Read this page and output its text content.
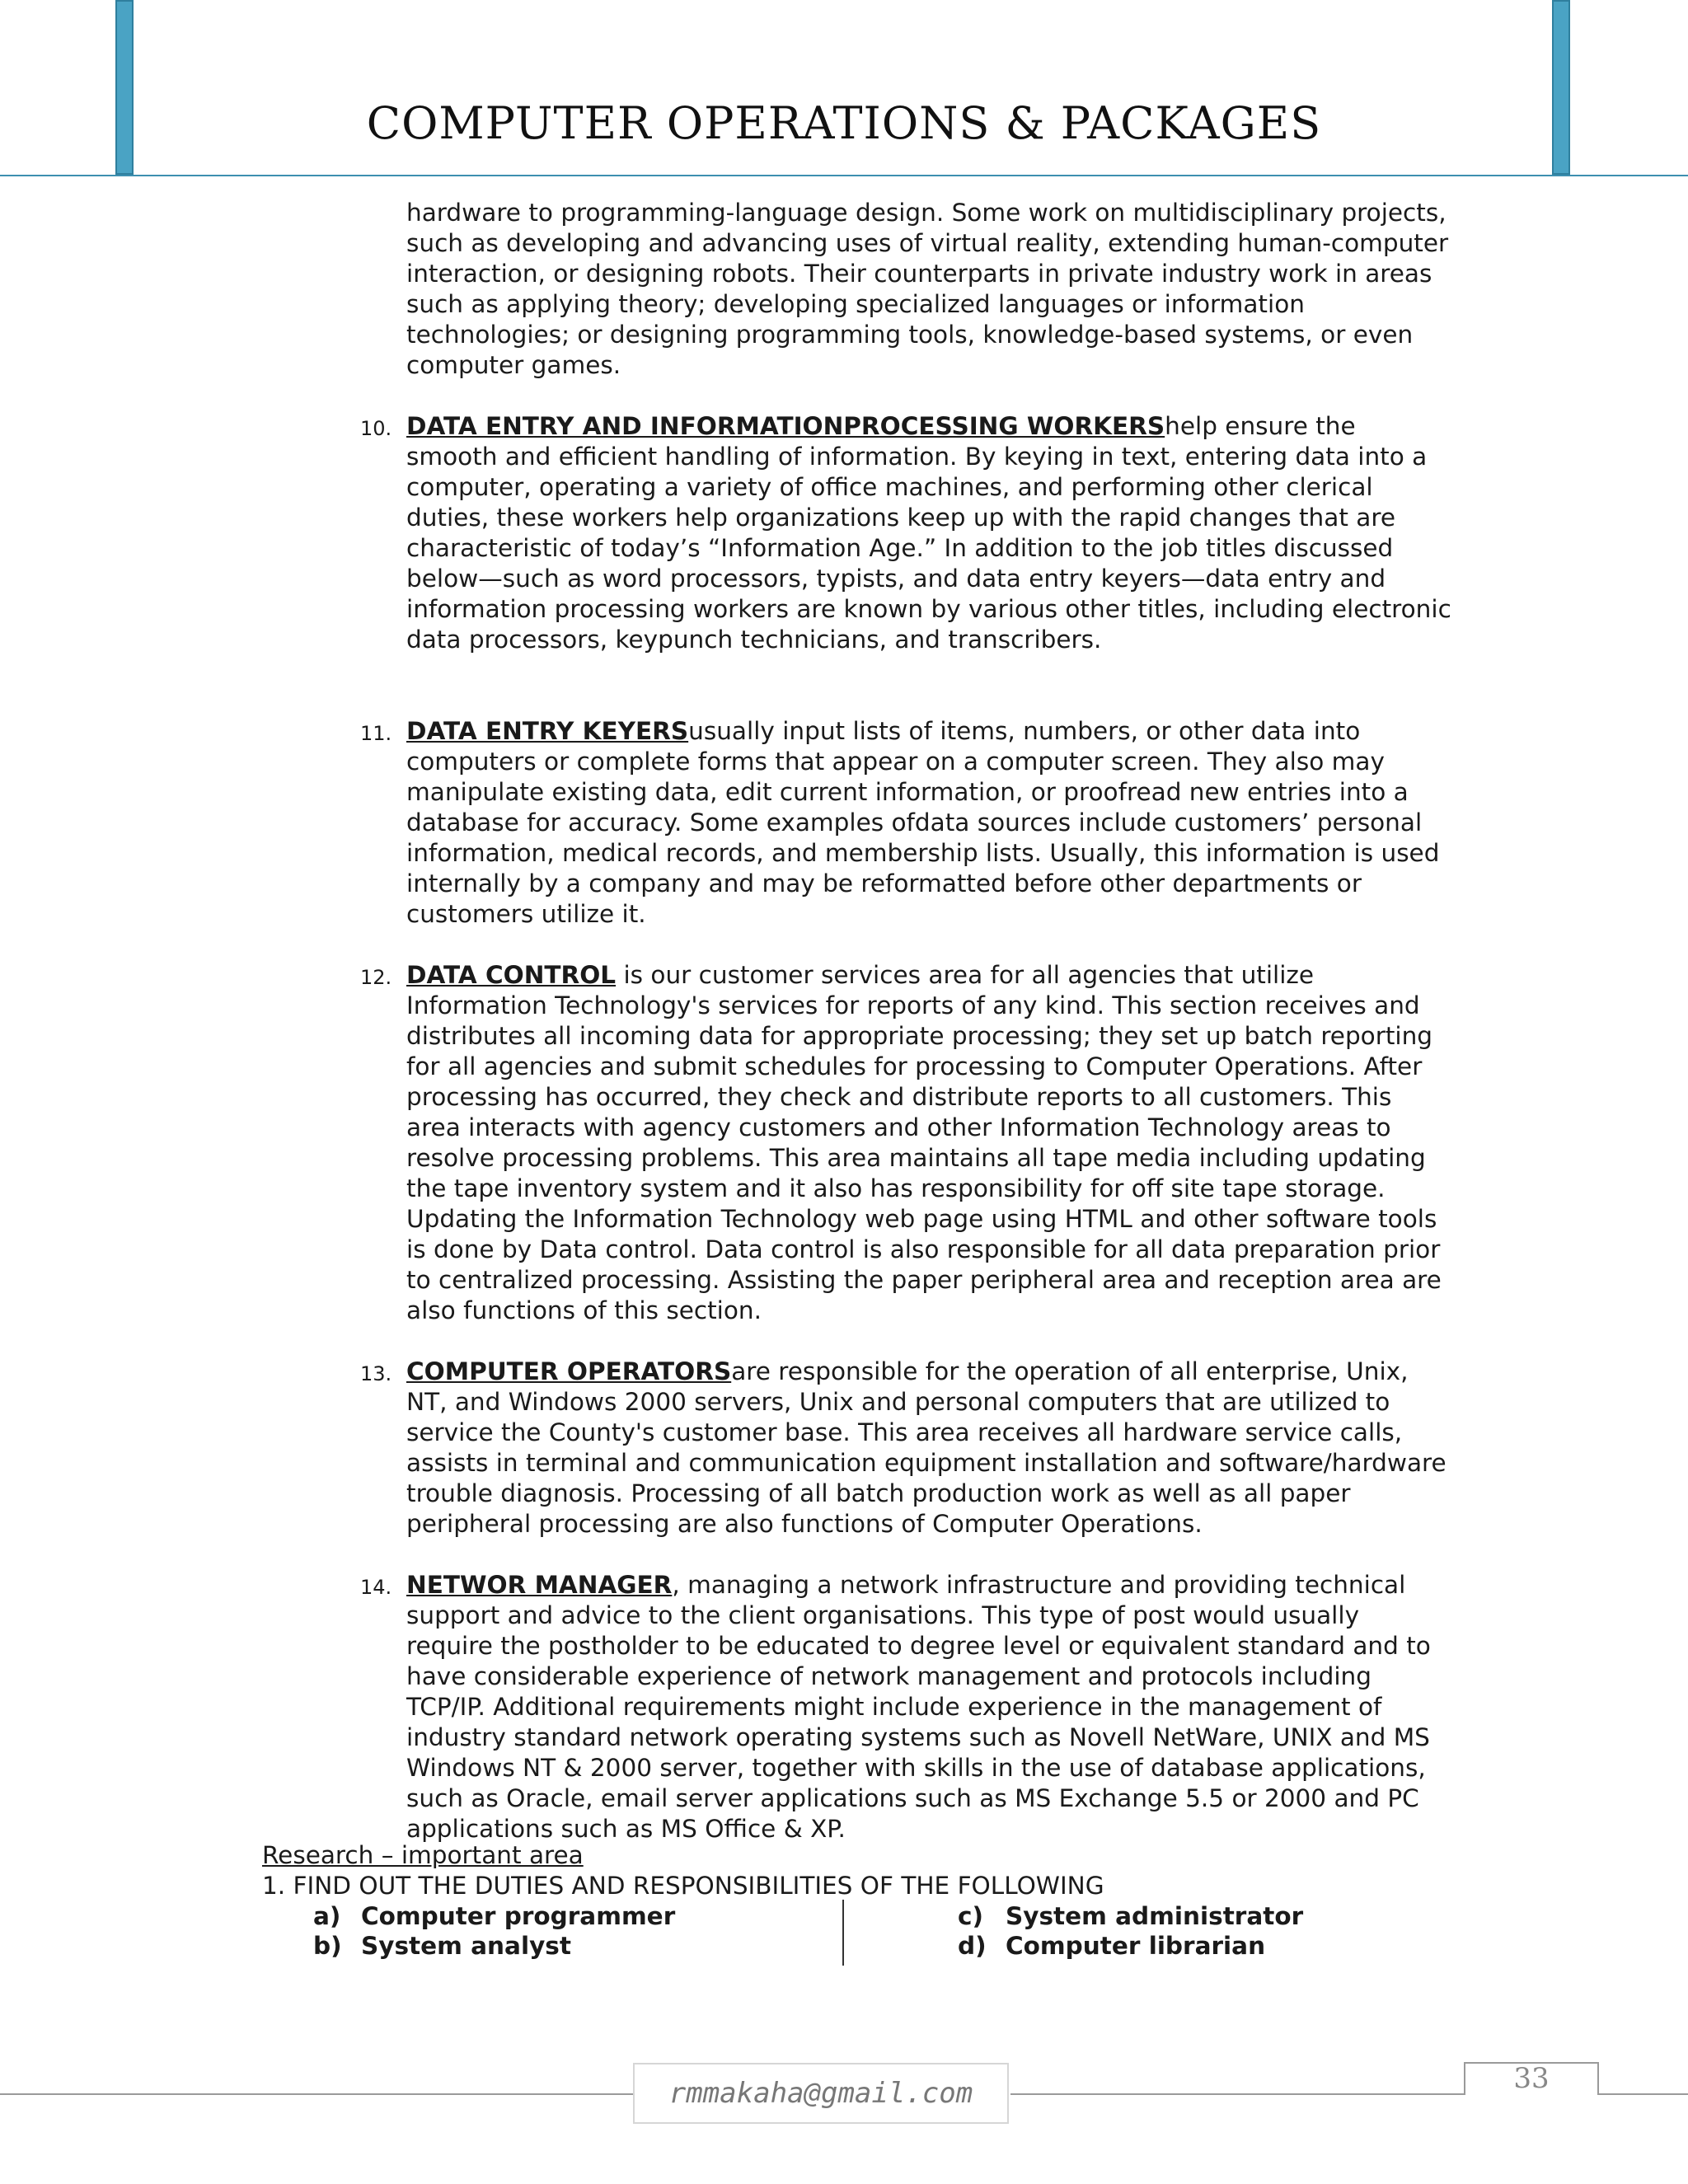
COMPUTER OPERATIONS & PACKAGES

hardware to programming-language design. Some work on multidisciplinary projects, such as developing and advancing uses of virtual reality, extending human-computer interaction, or designing robots. Their counterparts in private industry work in areas such as applying theory; developing specialized languages or information technologies; or designing programming tools, knowledge-based systems, or even computer games.

10. DATA ENTRY AND INFORMATIONPROCESSING WORKERShelp ensure the smooth and efficient handling of information. By keying in text, entering data into a computer, operating a variety of office machines, and performing other clerical duties, these workers help organizations keep up with the rapid changes that are characteristic of today’s “Information Age.” In addition to the job titles discussed below—such as word processors, typists, and data entry keyers—data entry and information processing workers are known by various other titles, including electronic data processors, keypunch technicians, and transcribers.

11. DATA ENTRY KEYERSusually input lists of items, numbers, or other data into computers or complete forms that appear on a computer screen. They also may manipulate existing data, edit current information, or proofread new entries into a database for accuracy. Some examples ofdata sources include customers’ personal information, medical records, and membership lists. Usually, this information is used internally by a company and may be reformatted before other departments or customers utilize it.

12. DATA CONTROL is our customer services area for all agencies that utilize Information Technology's services for reports of any kind. This section receives and distributes all incoming data for appropriate processing; they set up batch reporting for all agencies and submit schedules for processing to Computer Operations. After processing has occurred, they check and distribute reports to all customers. This area interacts with agency customers and other Information Technology areas to resolve processing problems. This area maintains all tape media including updating the tape inventory system and it also has responsibility for off site tape storage. Updating the Information Technology web page using HTML and other software tools is done by Data control. Data control is also responsible for all data preparation prior to centralized processing. Assisting the paper peripheral area and reception area are also functions of this section.

13. COMPUTER OPERATORSare responsible for the operation of all enterprise, Unix, NT, and Windows 2000 servers, Unix and personal computers that are utilized to service the County's customer base. This area receives all hardware service calls, assists in terminal and communication equipment installation and software/hardware trouble diagnosis. Processing of all batch production work as well as all paper peripheral processing are also functions of Computer Operations.

14. NETWOR MANAGER, managing a network infrastructure and providing technical support and advice to the client organisations. This type of post would usually require the postholder to be educated to degree level or equivalent standard and to have considerable experience of network management and protocols including TCP/IP. Additional requirements might include experience in the management of industry standard network operating systems such as Novell NetWare, UNIX and MS Windows NT & 2000 server, together with skills in the use of database applications, such as Oracle, email server applications such as MS Exchange 5.5 or 2000 and PC applications such as MS Office & XP.

Research – important area

1. FIND OUT THE DUTIES AND RESPONSIBILITIES OF THE FOLLOWING

a) Computer programmer
b) System analyst
c) System administrator
d) Computer librarian
rmmakaha@gmail.com	33
